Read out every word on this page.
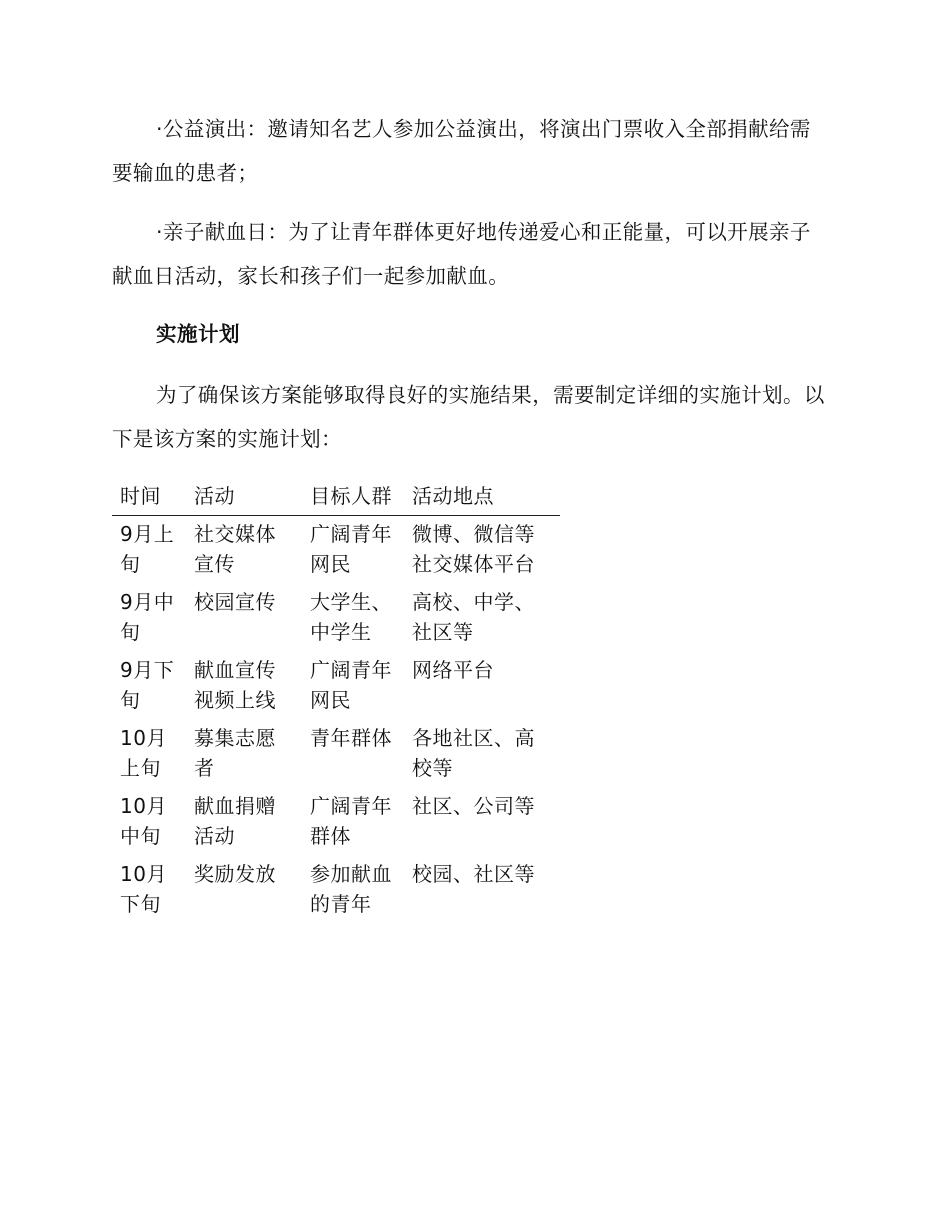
·公益演出：邀请知名艺人参加公益演出，将演出门票收入全部捐献给需要输血的患者；

·亲子献血日：为了让青年群体更好地传递爱心和正能量，可以开展亲子献血日活动，家长和孩子们一起参加献血。

实施计划

为了确保该方案能够取得良好的实施结果，需要制定详细的实施计划。以下是该方案的实施计划：

时间	活动	目标人群	活动地点
9月上旬	社交媒体宣传	广阔青年网民	微博、微信等社交媒体平台
9月中旬	校园宣传	大学生、中学生	高校、中学、社区等
9月下旬	献血宣传视频上线	广阔青年网民	网络平台
10月上旬	募集志愿者	青年群体	各地社区、高校等
10月中旬	献血捐赠活动	广阔青年群体	社区、公司等
10月下旬	奖励发放	参加献血的青年	校园、社区等
